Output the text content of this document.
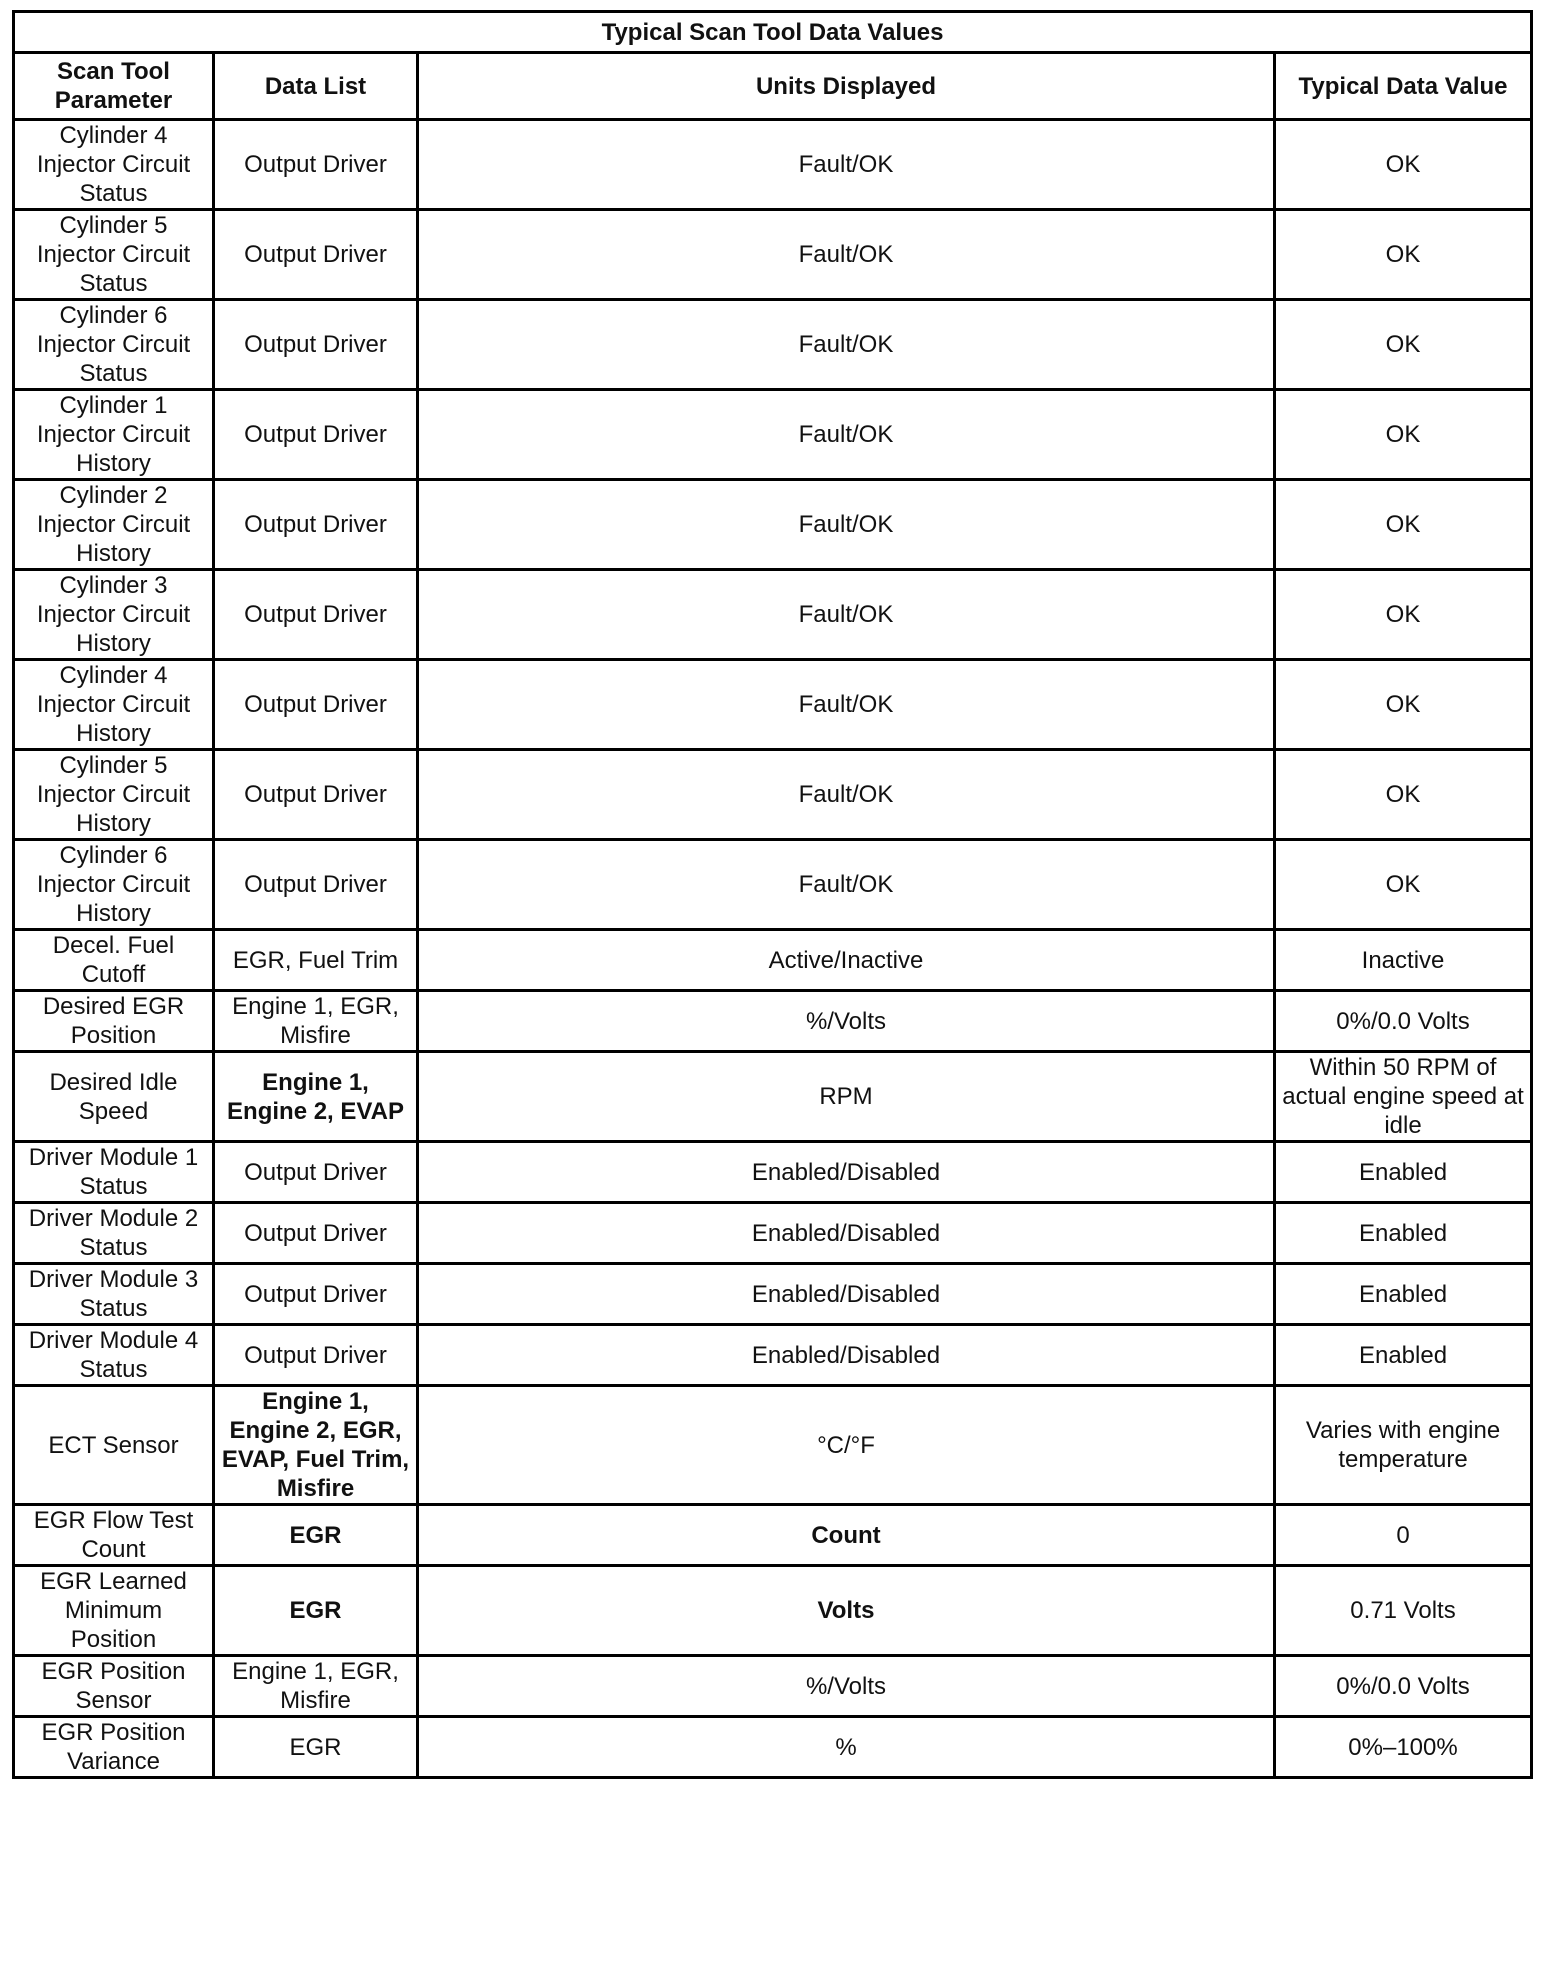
Typical Scan Tool Data Values			
Scan Tool Parameter	Data List	Units Displayed	Typical Data Value
Cylinder 4 Injector Circuit Status	Output Driver	Fault/OK	OK
Cylinder 5 Injector Circuit Status	Output Driver	Fault/OK	OK
Cylinder 6 Injector Circuit Status	Output Driver	Fault/OK	OK
Cylinder 1 Injector Circuit History	Output Driver	Fault/OK	OK
Cylinder 2 Injector Circuit History	Output Driver	Fault/OK	OK
Cylinder 3 Injector Circuit History	Output Driver	Fault/OK	OK
Cylinder 4 Injector Circuit History	Output Driver	Fault/OK	OK
Cylinder 5 Injector Circuit History	Output Driver	Fault/OK	OK
Cylinder 6 Injector Circuit History	Output Driver	Fault/OK	OK
Decel. Fuel Cutoff	EGR, Fuel Trim	Active/Inactive	Inactive
Desired EGR Position	Engine 1, EGR, Misfire	%/Volts	0%/0.0 Volts
Desired Idle Speed	Engine 1, Engine 2, EVAP	RPM	Within 50 RPM of actual engine speed at idle
Driver Module 1 Status	Output Driver	Enabled/Disabled	Enabled
Driver Module 2 Status	Output Driver	Enabled/Disabled	Enabled
Driver Module 3 Status	Output Driver	Enabled/Disabled	Enabled
Driver Module 4 Status	Output Driver	Enabled/Disabled	Enabled
ECT Sensor	Engine 1, Engine 2, EGR, EVAP, Fuel Trim, Misfire	°C/°F	Varies with engine temperature
EGR Flow Test Count	EGR	Count	0
EGR Learned Minimum Position	EGR	Volts	0.71 Volts
EGR Position Sensor	Engine 1, EGR, Misfire	%/Volts	0%/0.0 Volts
EGR Position Variance	EGR	%	0%–100%
